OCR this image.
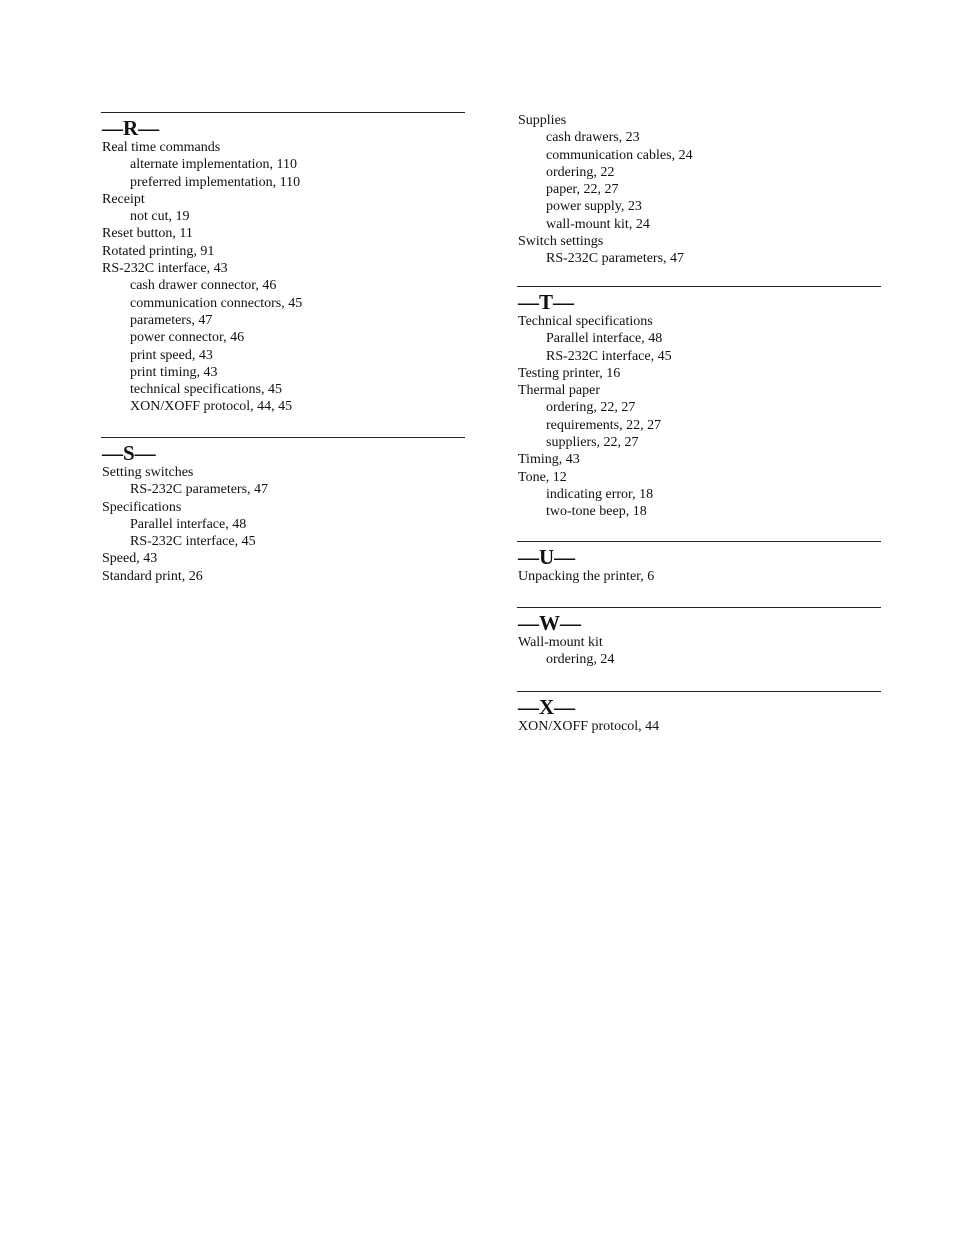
—R—
Real time commands
alternate implementation, 110
preferred implementation, 110
Receipt
not cut, 19
Reset button, 11
Rotated printing, 91
RS-232C interface, 43
cash drawer connector, 46
communication connectors, 45
parameters, 47
power connector, 46
print speed, 43
print timing, 43
technical specifications, 45
XON/XOFF protocol, 44, 45
—S—
Setting switches
RS-232C parameters, 47
Specifications
Parallel interface, 48
RS-232C interface, 45
Speed, 43
Standard print, 26
Supplies
cash drawers, 23
communication cables, 24
ordering, 22
paper, 22, 27
power supply, 23
wall-mount kit, 24
Switch settings
RS-232C parameters, 47
—T—
Technical specifications
Parallel interface, 48
RS-232C interface, 45
Testing printer, 16
Thermal paper
ordering, 22, 27
requirements, 22, 27
suppliers, 22, 27
Timing, 43
Tone, 12
indicating error, 18
two-tone beep, 18
—U—
Unpacking the printer, 6
—W—
Wall-mount kit
ordering, 24
—X—
XON/XOFF protocol, 44
